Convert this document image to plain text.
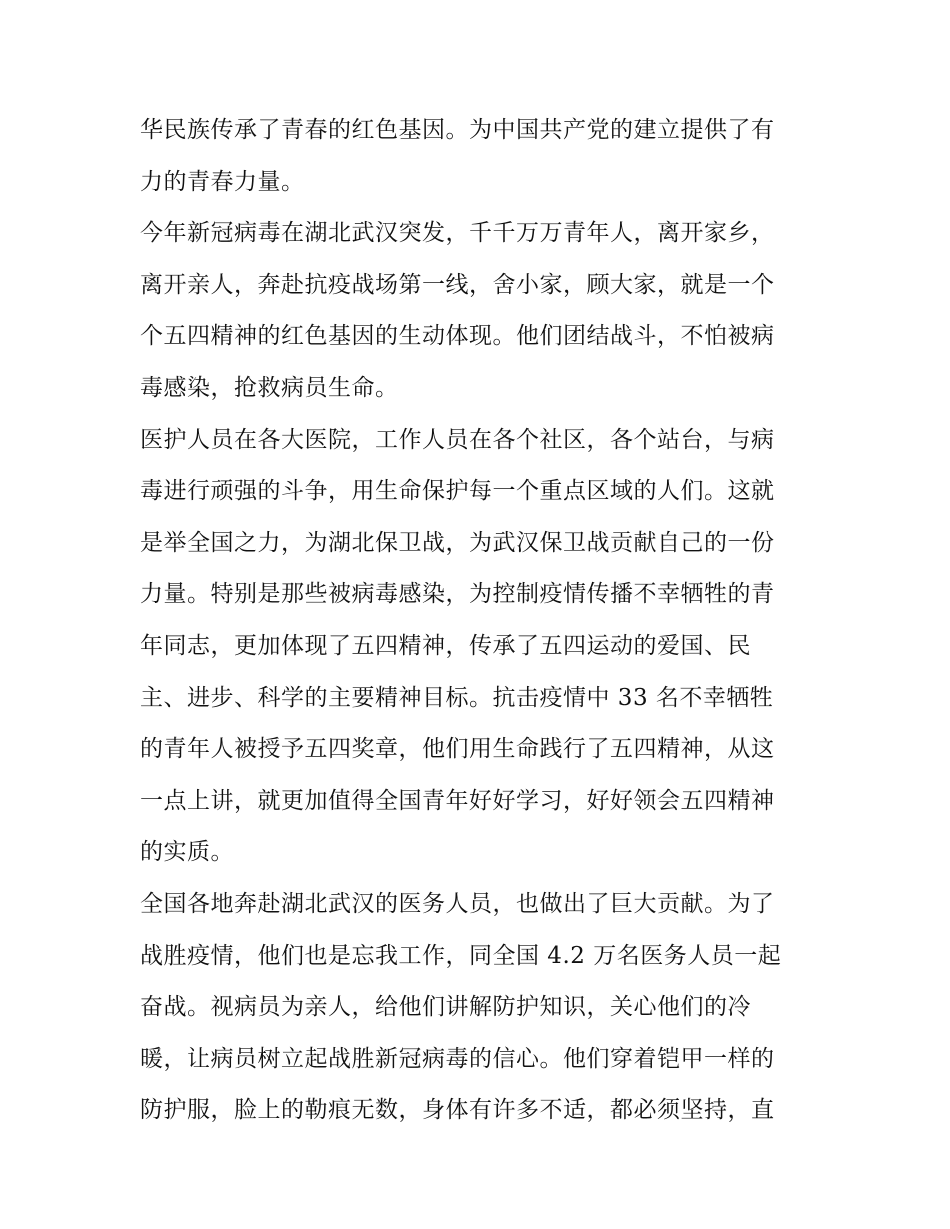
华民族传承了青春的红色基因。为中国共产党的建立提供了有
力的青春力量。
今年新冠病毒在湖北武汉突发，千千万万青年人，离开家乡，
离开亲人，奔赴抗疫战场第一线，舍小家，顾大家，就是一个
个五四精神的红色基因的生动体现。他们团结战斗，不怕被病
毒感染，抢救病员生命。
医护人员在各大医院，工作人员在各个社区，各个站台，与病
毒进行顽强的斗争，用生命保护每一个重点区域的人们。这就
是举全国之力，为湖北保卫战，为武汉保卫战贡献自己的一份
力量。特别是那些被病毒感染，为控制疫情传播不幸牺牲的青
年同志，更加体现了五四精神，传承了五四运动的爱国、民
主、进步、科学的主要精神目标。抗击疫情中 33 名不幸牺牲
的青年人被授予五四奖章，他们用生命践行了五四精神，从这
一点上讲，就更加值得全国青年好好学习，好好领会五四精神
的实质。
全国各地奔赴湖北武汉的医务人员，也做出了巨大贡献。为了
战胜疫情，他们也是忘我工作，同全国 4.2 万名医务人员一起
奋战。视病员为亲人，给他们讲解防护知识，关心他们的冷
暖，让病员树立起战胜新冠病毒的信心。他们穿着铠甲一样的
防护服，脸上的勒痕无数，身体有许多不适，都必须坚持，直
